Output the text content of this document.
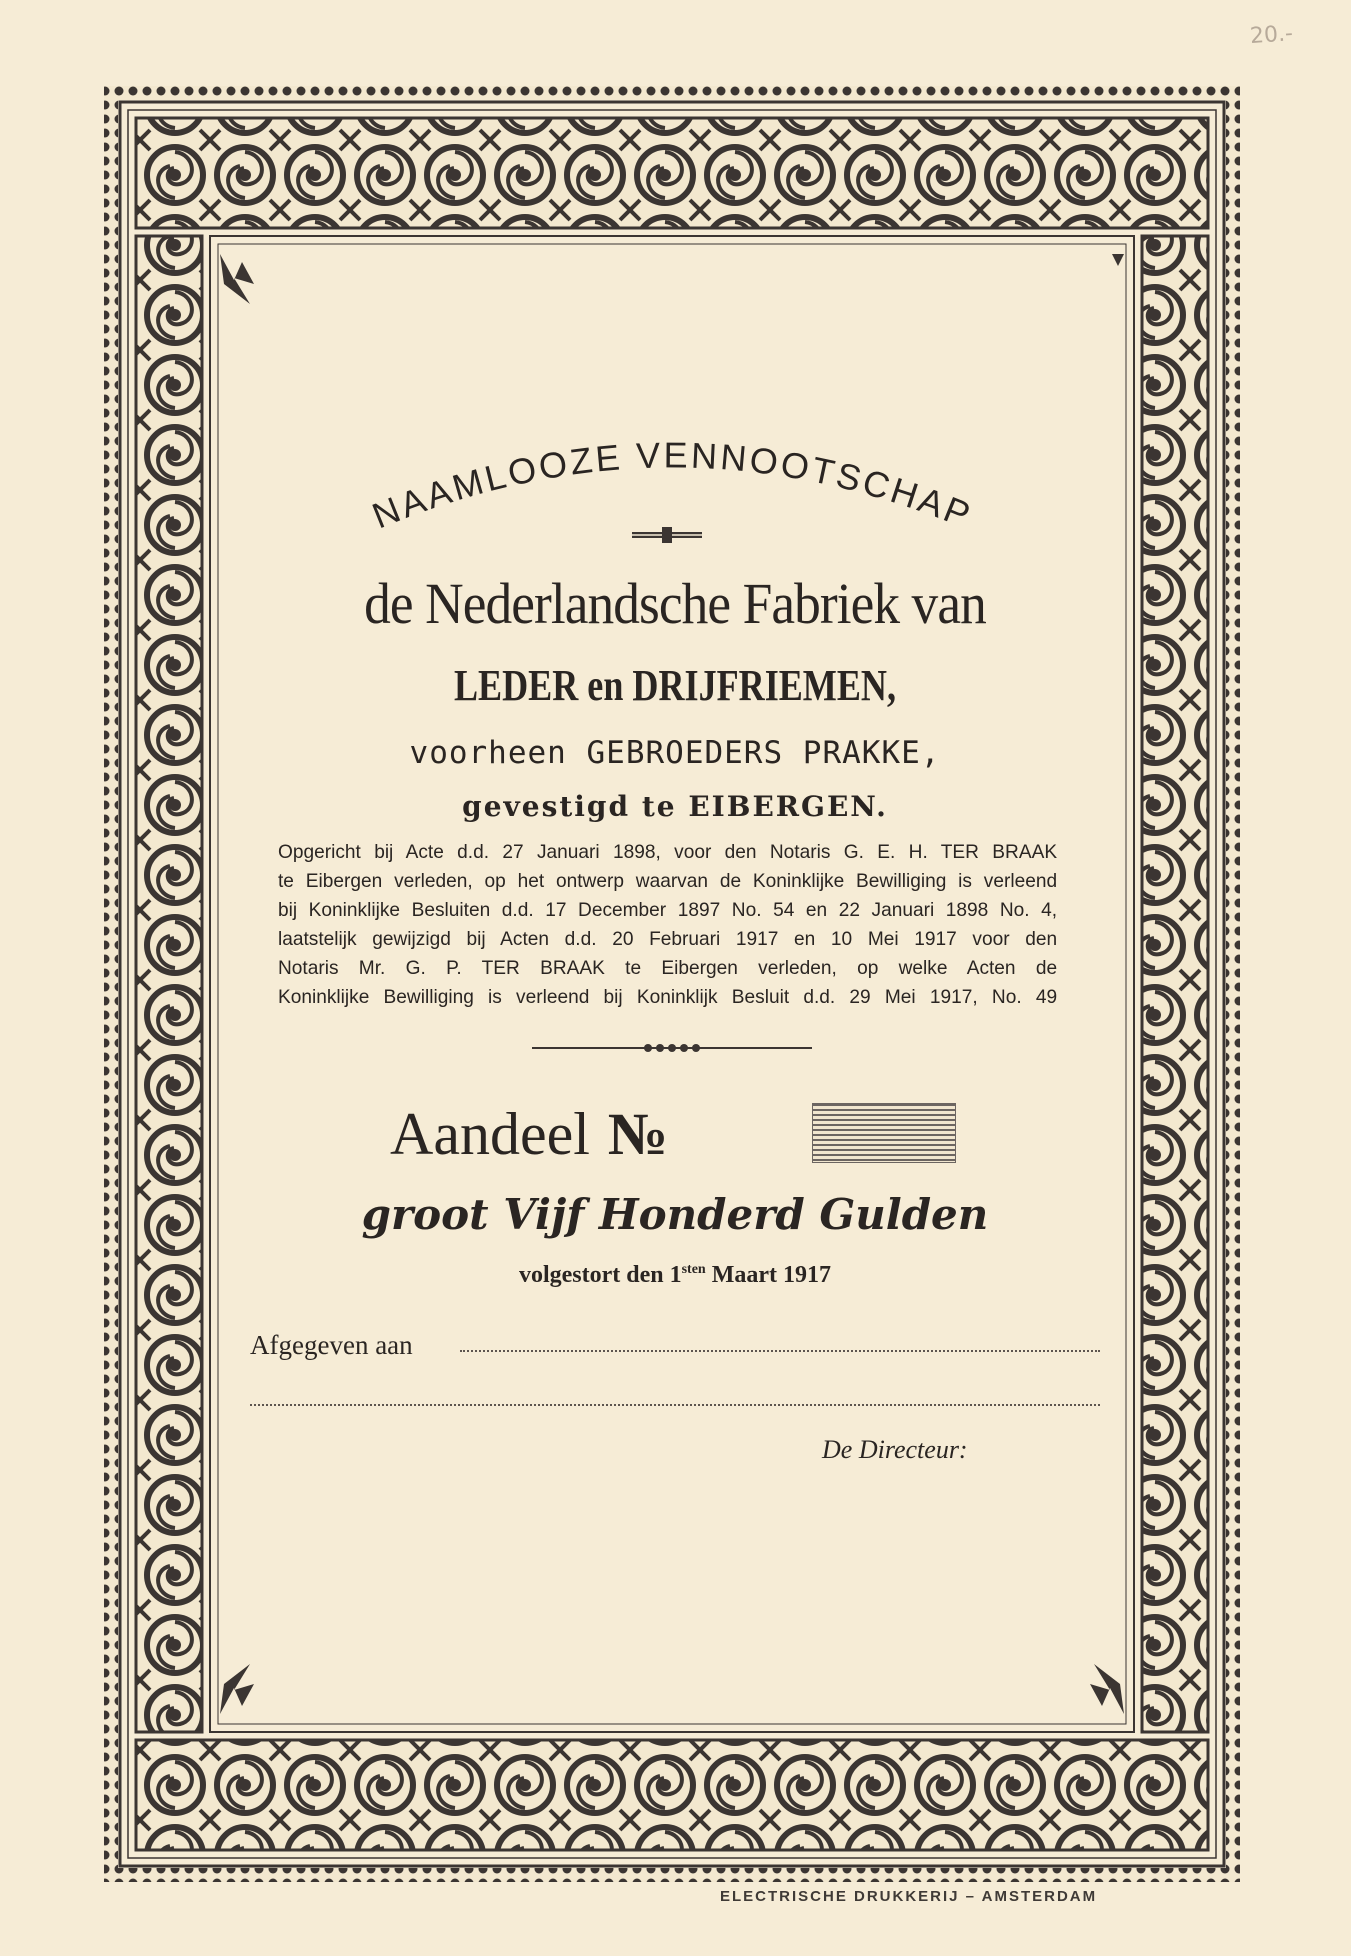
20.-
NAAMLOOZE VENNOOTSCHAP
de Nederlandsche Fabriek van
LEDER en DRIJFRIEMEN,
voorheen GEBROEDERS PRAKKE,
gevestigd te EIBERGEN.

Opgericht bij Acte d.d. 27 Januari 1898, voor den Notaris G. E. H. TER BRAAK

te Eibergen verleden, op het ontwerp waarvan de Koninklijke Bewilliging is verleend

bij Koninklijke Besluiten d.d. 17 December 1897 No. 54 en 22 Januari 1898 No. 4,

laatstelijk gewijzigd bij Acten d.d. 20 Februari 1917 en 10 Mei 1917 voor den

Notaris Mr. G. P. TER BRAAK te Eibergen verleden, op welke Acten de

Koninklijke Bewilliging is verleend bij Koninklijk Besluit d.d. 29 Mei 1917, No. 49

Aandeel №
groot Vijf Honderd Gulden
volgestort den $1^{sten}$ Maart 1917
Afgegeven aan
De Directeur:
ELECTRISCHE DRUKKERIJ – AMSTERDAM
